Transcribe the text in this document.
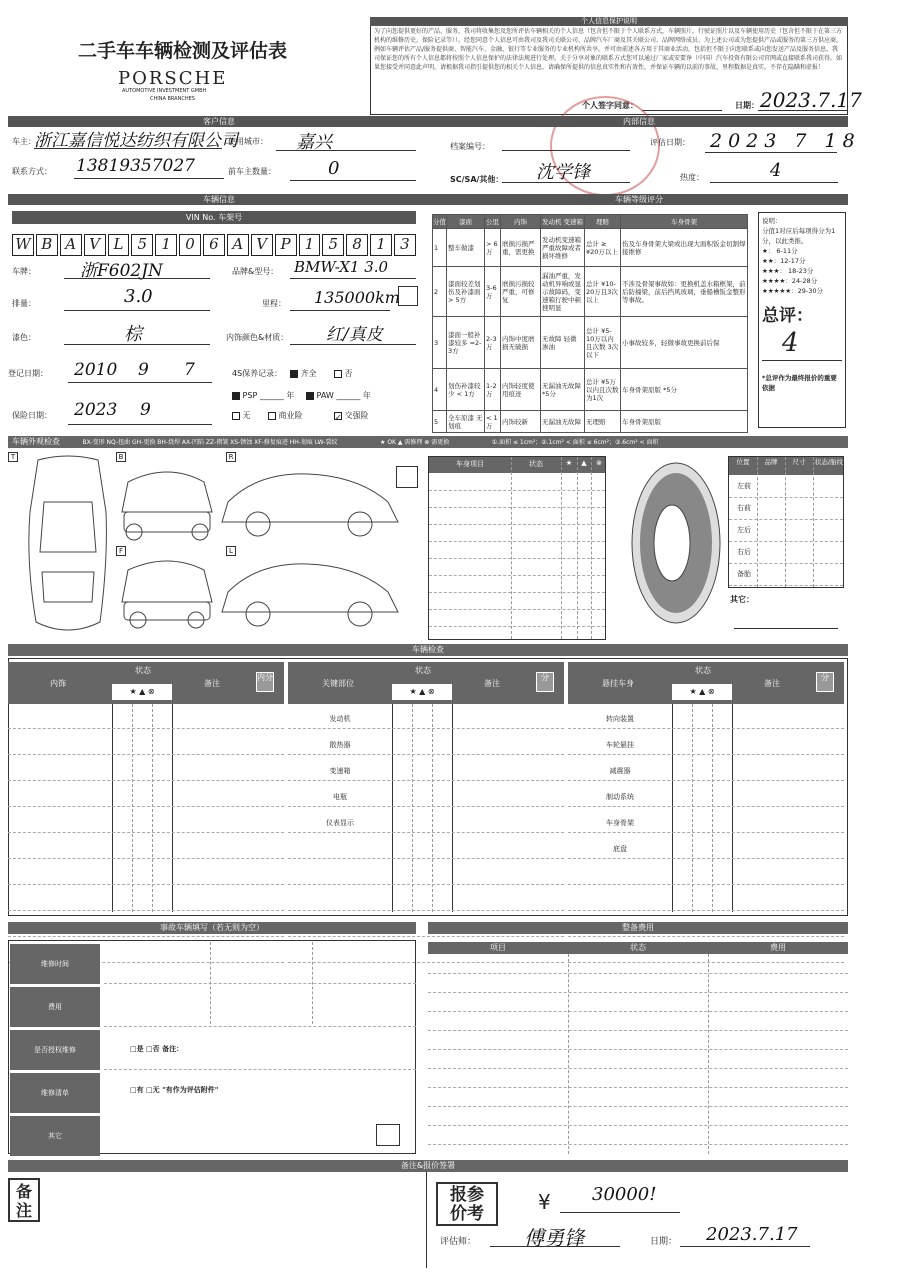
二手车车辆检测及评估表
PORSCHE
AUTOMOTIVE INVESTMENT GMBH
CHINA BRANCHES
个人信息保护说明
为了向您提供更好的产品、服务，我司将收集您及您所评估车辆相关的个人信息（包含但不限于个人联系方式，车辆照片，行驶证照片以及车辆使用历史（包含但不限于在第三方机构的维修历史，保险记录等））。经您同意个人信息可由我司及我司关联公司、品牌汽车厂商及其关联公司、品牌网络成员、为上述公司或为您提供产品或服务的第三方供应商，例如车辆评估产品/服务提供商、智能汽车、金融、银行等专业服务的专业机构所共享，并可由前述各方用于其商业活动，包括但不限于向您联系或向您发送产品及服务信息。我司保证您的所有个人信息都将按照个人信息保护的法律法规进行处理。关于分享对象的联系方式您可以通过厂家或安要诤（中国）汽车投资有限公司官网或直接联系我司获得。如果您接受并同意此声明，请根据我司指引提供您的相关个人信息，请确保所提供的信息真实性和有效性，并保证车辆的以前的事故、里程数据是真实，不存在隐瞒和虚报！
个人签字同意：	日期： 2023.7.17
客户信息	内部信息
车主：
浙江嘉信悦达纺织有限公司
使用城市： 嘉兴
联系方式： 13819357027	前车主数量：	0
档案编号：	评估日期： 2023 7 18
SC/SA/其他： 沈学锋	热度：	4
车辆信息	车辆等级评分
VIN No. 车架号
W B A V L 5 1 0 6 A V P 1 5 8 1 3
车牌：	浙F602JN	品牌&型号： BMW-X1 3.0
排量：	3.0	里程： 135000km
漆色：	棕	内饰颜色&材质： 红/真皮
登记日期： 2010 9 7	4S保养记录：	齐全	否
PSP ______ 年	PAW ______ 年
保险日期： 2023 9	无	商业险	✓ 交强险
分值	漆面	公里	内饰	发动机 变速箱	理赔	车身骨架
1	整车做漆	> 6万	磨损污损严重，需更换	发动机变速箱严重故障或者损坏维修	总计 ≥ ¥20万以上	伤及车身骨架大梁或出现大面积钣金切割焊接维修
2	漆面较差划伤及补漆面 > 5方	3-6万	磨损污损较严重，可修复	漏油严重，发动机异响或显示故障码，变速箱行驶中顿挫明显	总计 ¥10-20万且3次以上	不涉及骨架事故如：更换机盖水箱框架，前后防撞梁，前后挡风玻璃，垂船槽钣金整形等事故。
3	漆面一般补漆较多 =2-3方	2-3万	内饰中度磨损无破损	无故障 轻微渗油	总计 ¥5-10万以内且次数 3次以下	小事故较多，轻微事故更换前后保
4	划伤补漆较少 < 1方	1-2万	内饰轻度使用痕迹	无漏油无故障 *5分	总计 ¥5万以内且次数为1次	车身骨架原版 *5分
5	全车原漆 无划痕	< 1万	内饰较新	无漏油无故障	无理赔	车身骨架原版
说明：
分值1对应后每项得分为1分，以此类推。
★： 6-11分
★★：12-17分
★★★： 18-23分
★★★★：24-28分
★★★★★：29-30分
总评：
4
*总评作为最终报价的重要依据
车辆外观检查	BX-变形 NQ-扭曲 GH-更换 BH-烧焊 AX-凹陷 ZZ-褶皱 XS-锈蚀 XF-修复痕迹 HH-划痕 LW-裂纹	★ OK ▲ 需修理 ⊗ 需更换	①.面积 ≤ 1cm²；②.1cm² < 面积 ≤ 6cm²；③.6cm² < 面积
T	B	R
F	L
车身项目	状态	★	▲	⊗	位置	品牌	尺寸	状态/胎纹
左前
右前
左后
右后
备胎
其它：
车辆检查
内饰
状态
★ ▲ ⊗
备注
内分
关键部位
状态
★ ▲ ⊗
备注
分
发动机
散热器
变速箱
电瓶
仪表显示
悬挂车身
状态
★ ▲ ⊗
备注
分
转向装置
车轮悬挂
减震器
制动系统
车身骨架
底盘
事故车辆填写（若无则为空）
维修时间
费用
是否授权维修
维修清单
其它
□是 □否 备注：
□有 □无 "有作为评估附件"
整备费用
项目	状态	费用
备注&报价签署
备注
报参价考	¥ 30000!
评估师： 傅勇锋	日期： 2023.7.17
